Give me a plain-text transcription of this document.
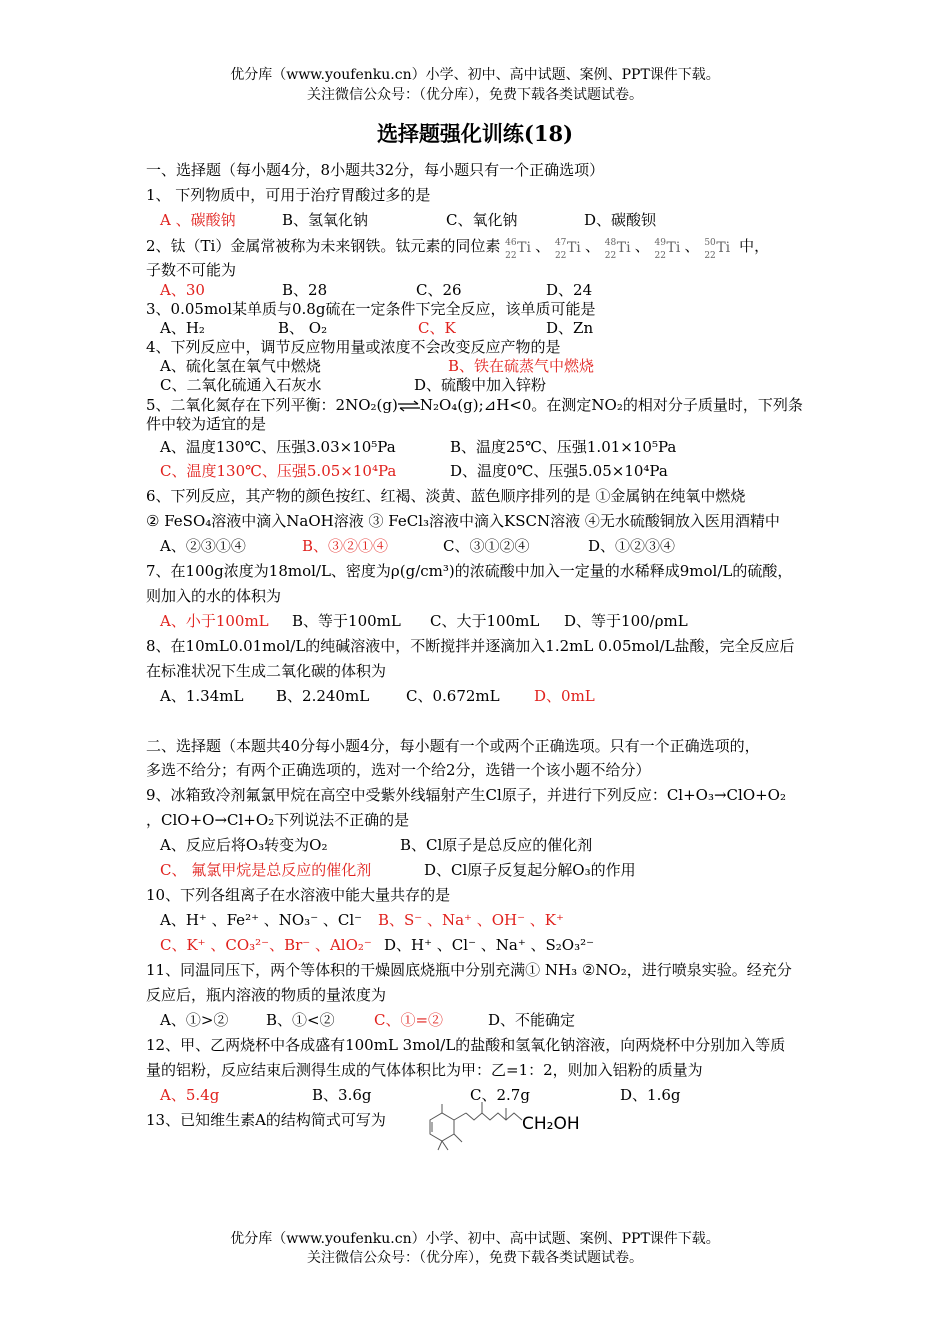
优分库（www.youfenku.cn）小学、初中、高中试题、案例、PPT课件下载。
关注微信公众号：（优分库），免费下载各类试题试卷。
选择题强化训练(18)
一、选择题（每小题4分，8小题共32分，每小题只有一个正确选项）
1、 下列物质中，可用于治疗胃酸过多的是
A 、碳酸钠	B、氢氧化钠	C、氧化钠	D、碳酸钡
2、钛（Ti）金属常被称为未来钢铁。钛元素的同位素 46
22 Ti 、 47
22 Ti 、 48
22 Ti 、 49
22 Ti 、 50
22 Ti 中，
子数不可能为
A、30	B、28	C、26	D、24
3、0.05mol某单质与0.8g硫在一定条件下完全反应，该单质可能是
A、H₂	B、 O₂	C、K	D、Zn
4、下列反应中，调节反应物用量或浓度不会改变反应产物的是
A、硫化氢在氧气中燃烧	B、铁在硫蒸气中燃烧
C、二氧化硫通入石灰水	D、硫酸中加入锌粉
5、二氧化氮存在下列平衡：2NO₂(g)⇌N₂O₄(g);⊿H<0。在测定NO₂的相对分子质量时，下列条
件中较为适宜的是
A、温度130℃、压强3.03×10⁵Pa	B、温度25℃、压强1.01×10⁵Pa
C、温度130℃、压强5.05×10⁴Pa	D、温度0℃、压强5.05×10⁴Pa
6、下列反应，其产物的颜色按红、红褐、淡黄、蓝色顺序排列的是 ①金属钠在纯氧中燃烧
② FeSO₄溶液中滴入NaOH溶液 ③ FeCl₃溶液中滴入KSCN溶液 ④无水硫酸铜放入医用酒精中
A、②③①④	B、③②①④	C、③①②④	D、①②③④
7、在100g浓度为18mol/L、密度为ρ(g/cm³)的浓硫酸中加入一定量的水稀释成9mol/L的硫酸，
则加入的水的体积为
A、小于100mL B、等于100mL C、大于100mL D、等于100/ρmL
8、在10mL0.01mol/L的纯碱溶液中，不断搅拌并逐滴加入1.2mL 0.05mol/L盐酸，完全反应后
在标准状况下生成二氧化碳的体积为
A、1.34mL B、2.240mL C、0.672mL D、0mL
二、选择题（本题共40分每小题4分，每小题有一个或两个正确选项。只有一个正确选项的，
多选不给分；有两个正确选项的，选对一个给2分，选错一个该小题不给分）
9、冰箱致冷剂氟氯甲烷在高空中受紫外线辐射产生Cl原子，并进行下列反应：Cl+O₃→ClO+O₂
，ClO+O→Cl+O₂下列说法不正确的是
A、反应后将O₃转变为O₂	B、Cl原子是总反应的催化剂
C、 氟氯甲烷是总反应的催化剂	D、Cl原子反复起分解O₃的作用
10、下列各组离子在水溶液中能大量共存的是
A、H⁺ 、Fe²⁺ 、NO₃⁻ 、Cl⁻ B、S⁻ 、Na⁺ 、OH⁻ 、K⁺
C、K⁺ 、CO₃²⁻、Br⁻ 、AlO₂⁻ D、H⁺ 、Cl⁻ 、Na⁺ 、S₂O₃²⁻
11、同温同压下，两个等体积的干燥圆底烧瓶中分别充满① NH₃ ②NO₂，进行喷泉实验。经充分
反应后，瓶内溶液的物质的量浓度为
A、①>②	B、①<②	C、①=②	D、不能确定
12、甲、乙两烧杯中各成盛有100mL 3mol/L的盐酸和氢氧化钠溶液，向两烧杯中分别加入等质
量的铝粉，反应结束后测得生成的气体体积比为甲：乙=1：2，则加入铝粉的质量为
A、5.4g	B、3.6g	C、2.7g	D、1.6g
13、已知维生素A的结构简式可写为	CH₂OH
优分库（www.youfenku.cn）小学、初中、高中试题、案例、PPT课件下载。
关注微信公众号：（优分库），免费下载各类试题试卷。
